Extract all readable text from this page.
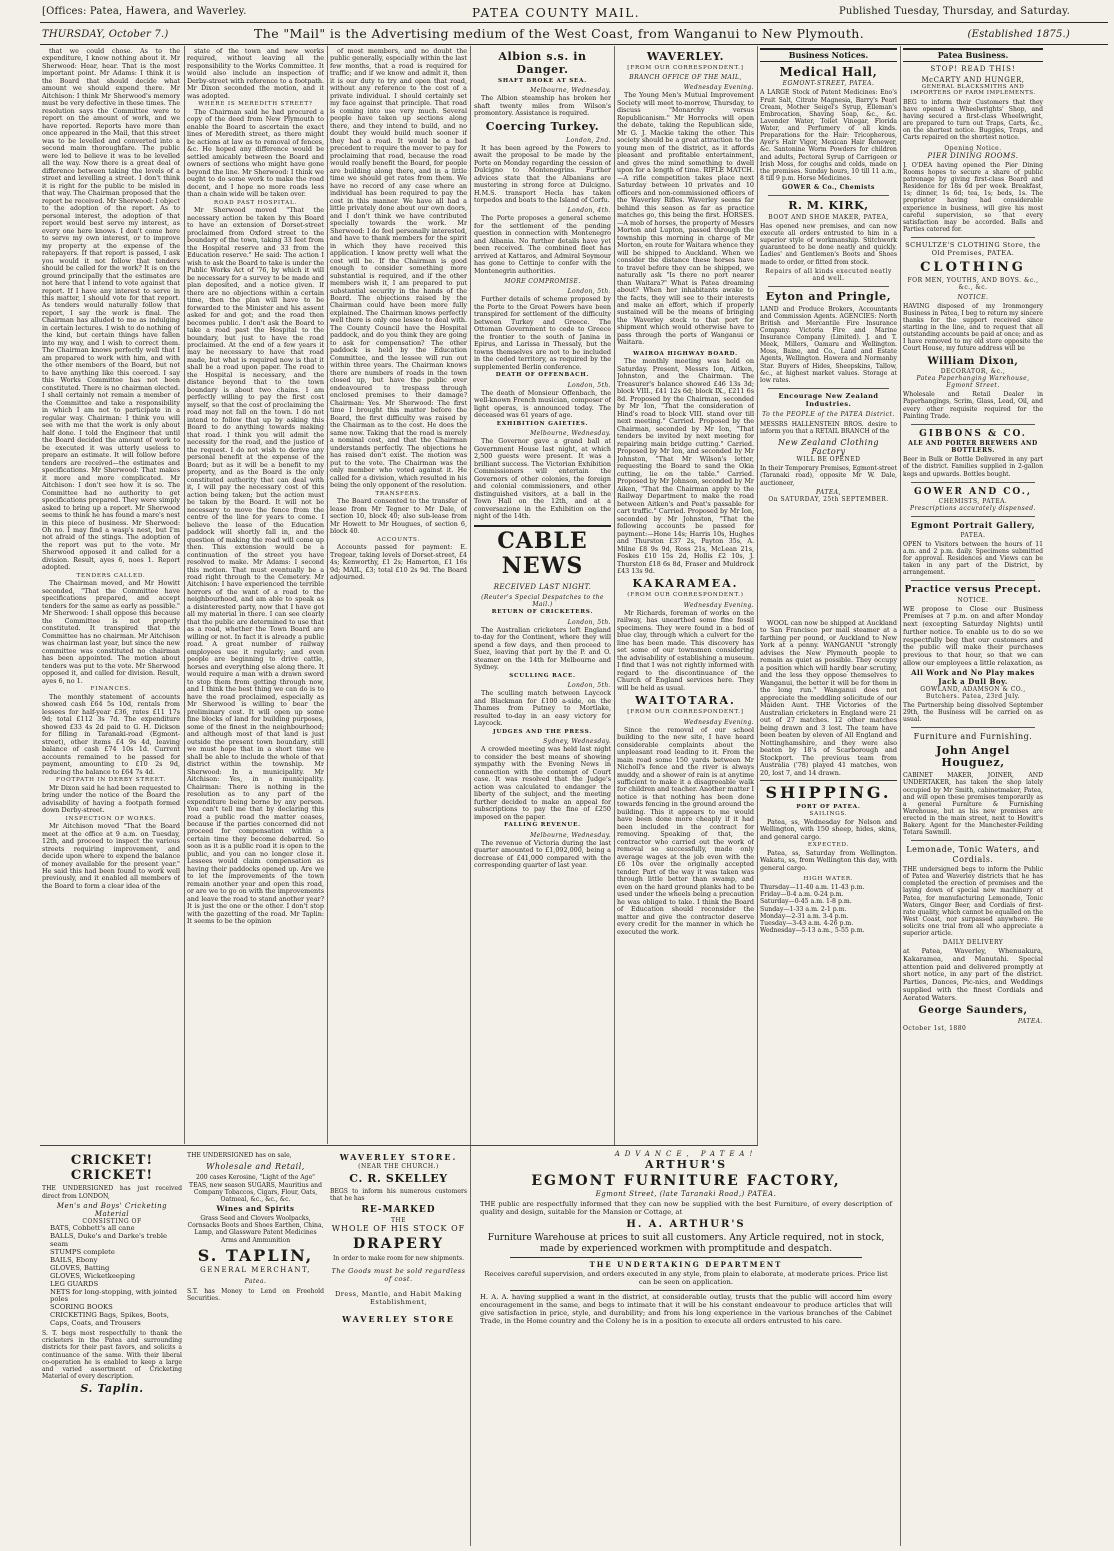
[Offices: Patea, Hawera, and Waverley.	PATEA COUNTY MAIL.	Published Tuesday, Thursday, and Saturday.
THURSDAY, October 7.)	The "Mail" is the Advertising medium of the West Coast, from Wanganui to New Plymouth.	(Established 1875.)

that we could chose. As to the expenditure, I know nothing about it. Mr Sherwood: Hear, hear. That is the most important point. Mr Adams: I think it is the Board that should decide what amount we should expend there. Mr Aitchison: I think Mr Sherwood's memory must be very defective in these times. The resolution says the Committee were to report on the amount of work, and we have reported. Reports have more than once appeared in the Mail, that this street was to be levelled and converted into a second main thoroughfare. The public were led to believe it was to be levelled all the way. Now there is a great deal of difference between taking the levels of a street and levelling a street. I don't think it is right for the public to be misled in that way. The Chairman proposed that the report be received. Mr Sherwood: I object to the adoption of the report. As to personal interest, the adoption of that report would best serve my interest, as every one here knows. I don't come here to serve my own interest, or to improve my property at the expense of the ratepayers. If that report is passed, I ask you would it not follow that tenders should be called for the work? It is on the ground principally that the estimates are not here that I intend to vote against that report. If I have any interest to serve in this matter, I should vote for that report. As tenders would naturally follow that report, I say the work is final. The Chairman has alluded to me as indulging in certain lectures. I wish to do nothing of the kind, but certain things have fallen into my way, and I wish to correct them. The Chairman knows perfectly well that I am prepared to work with him, and with the other members of the Board, but not to have anything like this coerced. I say this Works Committee has not been constituted. There is no chairman elected. I shall certainly not remain a member of the Committee and take a responsibility in which I am not to participate in a regular way. Chairman: I think you will see with me that the work is only about half done. I told the Engineer that until the Board decided the amount of work to be executed it was utterly useless to prepare an estimate. It will follow before tenders are received—the estimates and specifications. Mr Sherwood: That makes it more and more complicated. Mr Aitchison: I don't see how it is so. The Committee had no authority to get specifications prepared. They were simply asked to bring up a report. Mr Sherwood seems to think he has found a mare's nest in this piece of business. Mr Sherwood: Oh no. I may find a wasp's nest, but I'm not afraid of the stings. The adoption of the report was put to the vote. Mr Sherwood opposed it and called for a division. Result, ayes 6, noes 1. Report adopted.

TENDERS CALLED.

The Chairman moved, and Mr Howitt seconded, "That the Committee have specifications prepared, and accept tenders for the same as early as possible." Mr Sherwood: I shall oppose this because the Committee is not properly constituted. It transpired that the Committee has no chairman. Mr Aitchison was chairman last year, but since the new committee was constituted no chairman has been appointed. The motion about tenders was put to the vote. Mr Sherwood opposed it, and called for division. Result, ayes 6, no 1.

FINANCES.

The monthly statement of accounts showed cash £64 5s 10d, rentals from lessees for half-year £36, rates £11 17s 9d; total £112 3s 7d. The expenditure showed £33 4s 2d paid to G. H. Dickson for filling in Taranaki-road (Egmont-street), other items £4 9s 4d, leaving balance of cash £74 10s 1d. Current accounts remained to be passed for payment, amounting to £10 2s 9d, reducing the balance to £64 7s 4d.

FOOTPATH IN DERBY STREET.

Mr Dixon said he had been requested to bring under the notice of the Board the advisability of having a footpath formed down Derby-street.

INSPECTION OF WORKS.

Mr Aitchison moved "That the Board meet at the office at 9 a.m. on Tuesday, 12th, and proceed to inspect the various streets requiring improvement, and decide upon where to expend the balance of money available for the present year." He said this had been found to work well previously, and it enabled all members of the Board to form a clear idea of the

state of the town and new works required, without leaving all the responsibility to the Works Committee. It would also include an inspection of Derby-street with reference to a footpath. Mr Dixon seconded the motion, and it was adopted.

WHERE IS MEREDITH STREET?

The Chairman said he had procured a copy of the deed from New Plymouth to enable the Board to ascertain the exact lines of Meredith street, as there might be actions at law as to removal of fences, &c. He hoped any difference would be settled amicably between the Board and owners of sections who might have gone beyond the line. Mr Sherwood: I think we ought to do some work to make the road decent, and I hope no more roads less than a chain wide will be taken over.

ROAD PAST HOSPITAL.

Mr Sherwood moved "That the necessary action be taken by this Board to have an extension of Dorset-street proclaimed from Oxford street to the boundary of the town, taking 33 feet from the Hospital reserve and 33 from the Education reserve." He said: The action I wish to ask the Board to take is under the Public Works Act of '76, by which it will be necessary for a survey to be made and plan deposited, and a notice given. If there are no objections within a certain time, then the plan will have to be forwarded to the Minister and his assent asked for and got; and the road then becomes public. I don't ask the Board to take a road past the Hospital to the boundary, but just to have the road proclaimed. At the end of a few years it may be necessary to have that road made, but what is required now is that it shall be a road upon paper. The road to the Hospital is necessary, and the distance beyond that to the town boundary is about two chains. I am perfectly willing to pay the first cost myself, so that the cost of proclaiming the road may not fall on the town. I do not intend to follow that up by asking this Board to do anything towards making that road. I think you will admit the necessity for the road, and the justice of the request. I do not wish to derive any personal benefit at the expense of the Board; but as it will be a benefit to my property, and as the Board is the only constituted authority that can deal with it, I will pay the necessary cost of this action being taken; but the action must be taken by the Board. It will not be necessary to move the fence from the centre of the line for years to come. I believe the lease of the Education paddock will shortly fall in, and the question of making the road will come up then. This extension would be a continuation of the street you have resolved to make. Mr Adams: I second this motion. That must eventually be a road right through to the Cemetery. Mr Aitchison: I have experienced the terrible horrors of the want of a road to the neighbourhood, and am able to speak as a disinterested party, now that I have got all my material in there. I can see clearly that the public are determined to use that as a road, whether the Town Board are willing or not. In fact it is already a public road. A great number of railway employees use it regularly; and even people are beginning to drive cattle, horses and everything else along there. It would require a man with a drawn sword to stop them from getting through now, and I think the best thing we can do is to have the road proclaimed, especially as Mr Sherwood is willing to bear the preliminary cost. It will open up some fine blocks of land for building purposes, some of the finest in the neighbourhood; and although most of that land is just outside the present town boundary, still we must hope that in a short time we shall be able to include the whole of that district within the township. Mr Sherwood: In a municipality. Mr Aitchison: Yes, in a municipality. Chairman: There is nothing in the resolution as to any part of the expenditure being borne by any person. You can't tell me that by declaring this road a public road the matter ceases, because if the parties concerned did not proceed for compensation within a certain time they become debarred. So soon as it is a public road it is open to the public, and you can no longer close it. Lessees would claim compensation as having their paddocks opened up. Are we to let the improvements of the town remain another year and open this road, or are we to go on with the improvements and leave the road to stand another year? It is just the one or the other. I don't stop with the gazetting of the road. Mr Taplin: It seems to be the opinion

of most members, and no doubt the public generally, especially within the last few months, that a road is required for traffic; and if we know and admit it, then it is our duty to try and open that road, without any reference to the cost of a private individual. I should certainly set my face against that principle. That road is coming into use very much. Several people have taken up sections along there, and they intend to build, and no doubt they would build much sooner if they had a road. It would be a bad precedent to require the mover to pay for proclaiming that road, because the road would really benefit the Board, for people are building along there, and in a little time we should get rates from them. We have no record of any case where an individual has been required to pay the cost in this manner. We have all had a little privately done about our own doors, and I don't think we have contributed specially towards the work. Mr Sherwood: I do feel personally interested, and have to thank members for the spirit in which they have received this application. I know pretty well what the cost will be. If the Chairman is good enough to consider something more substantial is required, and if the other members wish it, I am prepared to put substantial security in the hands of the Board. The objections raised by the Chairman could have been more fully explained. The Chairman knows perfectly well there is only one lessee to deal with. The County Council have the Hospital paddock, and do you think they are going to ask for compensation? The other paddock is held by the Education Committee, and the lessee will run out within three years. The Chairman knows there are numbers of roads in the town closed up, but have the public ever endeavoured to trespass through enclosed premises to their damage? Chairman: Yes. Mr Sherwood: The first time I brought this matter before the Board, the first difficulty was raised by the Chairman as to the cost. He does the same now. Taking that the road is merely a nominal cost, and that the Chairman understands perfectly. The objections he has raised don't exist. The motion was put to the vote. The Chairman was the only member who voted against it. He called for a division, which resulted in his being the only opponent of the resolution.

TRANSFERS.

The Board consented to the transfer of lease from Mr Tegner to Mr Dale, of section 10, block 40; also sub-lease from Mr Howett to Mr Hougues, of section 6, block 40.

ACCOUNTS.

Accounts passed for payment: E. Tregear, taking levels of Dorset-street, £4 4s; Kenworthy, £1 2s; Hamerton, £1 16s 9d; MAIL, £3; total £10 2s 9d. The Board adjourned.

Albion s.s. in Danger.
SHAFT BROKE AT SEA.
Melbourne, Wednesday.

The Albion steamship has broken her shaft twenty miles from Wilson's promontory. Assistance is required.

Coercing Turkey.
London, 2nd.

It has been agreed by the Powers to await the proposal to be made by the Porte on Monday regarding the cession of Dulcigno to Montenegrins. Further advices state that the Albanians are mustering in strong force at Dulcigno. H.M.S. transport Hecla has taken torpedos and boats to the Island of Corfu.

London, 4th.

The Porte proposes a general scheme for the settlement of the pending question in connection with Montenegro and Albania. No further details have yet been received. The combined fleet has arrived at Kattaros, and Admiral Seymour has gone to Cettinje to confer with the Montenegrin authorities.

MORE COMPROMISE.
London, 5th.

Further details of scheme proposed by the Porte to the Great Powers have been transpired for settlement of the difficulty between Turkey and Greece. The Ottoman Government to cede to Greece the frontier to the south of Janina in Epirus, and Larissa in Thessaly, but the towns themselves are not to be included in the ceded territory, as required by the supplemented Berlin conference.

DEATH OF OFFENBACH.
London, 5th.

The death of Monsieur Offenbach, the well-known French musician, composer of light operas, is announced today. The deceased was 61 years of age.

EXHIBITION GAIETIES.
Melbourne, Wednesday.

The Governor gave a grand ball at Government House last night, at which 2,500 guests were present. It was a brilliant success. The Victorian Exhibition Commissioners will entertain the Governors of other colonies, the foreign and colonial commissioners, and other distinguished visitors, at a ball in the Town Hall on the 12th, and at a conversazione in the Exhibition on the night of the 14th.

CABLE NEWS
RECEIVED LAST NIGHT.
(Reuter's Special Despatches to the Mail.)
RETURN OF CRICKETERS.
London, 5th.

The Australian cricketers left England to-day for the Continent, where they will spend a few days, and then proceed to Suez, leaving that port by the P. and O. steamer on the 14th for Melbourne and Sydney.

SCULLING RACE.
London, 5th.

The sculling match between Laycock and Blackman for £100 a-side, on the Thames from Putney to Mortlake, resulted to-day in an easy victory for Laycock.

JUDGES AND THE PRESS.
Sydney, Wednesday.

A crowded meeting was held last night to consider the best means of showing sympathy with the Evening News in connection with the contempt of Court case. It was resolved that the Judge's action was calculated to endanger the liberty of the subject, and the meeting further decided to make an appeal for subscriptions to pay the fine of £250 imposed on the paper.

FALLING REVENUE.
Melbourne, Wednesday.

The revenue of Victoria during the last quarter amounted to £1,092,000, being a decrease of £41,000 compared with the corresponding quarter of last year.

WAVERLEY.
[FROM OUR CORRESPONDENT.]
BRANCH OFFICE OF THE MAIL,
Wednesday Evening.

The Young Men's Mutual Improvement Society will meet to-morrow, Thursday, to discuss "Monarchy versus Republicanism." Mr Horrocks will open the debate, taking the Republican side, Mr G. J. Mackie taking the other. This society should be a great attraction to the young men of the district, as it affords pleasant and profitable entertainment, and gives the mind something to dwell upon for a length of time. RIFLE MATCH.—A rifle competition takes place next Saturday between 10 privates and 10 officers and non-commissioned officers of the Waverley Rifles. Waverley seems far behind this season as far as practice matches go, this being the first. HORSES.—A mob of horses, the property of Messrs Morton and Lupton, passed through the township this morning in charge of Mr Morton, en route for Waitara whence they will be shipped to Auckland. When we consider the distance these horses have to travel before they can be shipped, we naturally ask "Is there no port nearer than Waitara?" What is Patea dreaming about? When her inhabitants awake to the facts, they will see to their interests and make an effort, which if properly sustained will be the means of bringing the Waverley stock to that port for shipment which would otherwise have to pass through the ports of Wanganui or Waitara.

WAIROA HIGHWAY BOARD.

The monthly meeting was held on Saturday. Present, Messrs Ion, Aitken, Johnston, and the Chairman. The Treasurer's balance showed £46 13s 3d; block VIII., £41 12s 6d; block IX., £211 6s 8d. Proposed by the Chairman, seconded by Mr Ion, "That the consideration of Hind's road to block VIII. stand over till next meeting." Carried. Proposed by the Chairman, seconded by Mr Ion, "That tenders be invited by next meeting for repairing main bridge cutting." Carried. Proposed by Mr Ion, and seconded by Mr Johnston, "That Mr Wilson's letter, requesting the Board to sand the Okia cutting, lie on the table." Carried. Proposed by Mr Johnson, seconded by Mr Aiken, "That the Chairman apply to the Railway Department to make the road between Aitken's and Peat's passable for cart traffic." Carried. Proposed by Mr Ion, seconded by Mr Johnston, "That the following accounts be passed for payment:—Hone 14s; Harris 10s, Hughes and Thurston £37 2s, Payton 35s, A. Milne £8 9s 9d, Ross 21s, McLean 21s, Foskes £10 15s 2d, Hollis £2 10s, J. Thurston £18 6s 8d, Fraser and Muldrock £43 13s 9d.

KAKARAMEA.
(FROM OUR CORRESPONDENT.)
Wednesday Evening.

Mr Richards, foreman of works on the railway, has unearthed some fine fossil specimens. They were found in a bed of blue clay, through which a culvert for the line has been made. This discovery has set some of our townsmen considering the advisability of establishing a museum. I find that I was not rightly informed with regard to the discontinuance of the Church of England services here. They will be held as usual.

WAITOTARA.
[FROM OUR CORRESPONDENT.]
Wednesday Evening.

Since the removal of our school building to the new site, I have heard considerable complaints about the unpleasant road leading to it. From the main road some 150 yards between Mr Nicholl's fence and the river is always muddy, and a shower of rain is at anytime sufficient to make it a disagreeable walk for children and teacher. Another matter I notice is that nothing has been done towards fencing in the ground around the building. This it appears to me would have been done more cheaply if it had been included in the contract for removing. Speaking of that, the contractor who carried out the work of removal so successfully, made only average wages at the job even with the £6 10s over the originally accepted tender. Part of the way it was taken was through little better than swamp, and even on the hard ground planks had to be used under the wheels being a precaution he was obliged to take. I think the Board of Education should reconsider the matter and give the contractor deserve every credit for the manner in which he executed the work.

WOOL can now be shipped at Auckland to San Francisco per mail steamer at a farthing per pound, or Auckland to New York at a penny. WANGANUI "strongly advises the New Plymouth people to remain as quiet as possible. They occupy a position which will hardly bear scrutiny, and the less they oppose themselves to Wanganui, the better it will be for them in the long run." Wanganui does not appreciate the meddling solicitude of our Maiden Aunt. THE Victories of the Australian cricketers in England were 21 out of 27 matches. 12 other matches being drawn and 3 lost. The team have been beaten by eleven of All England and Nottinghamshire, and they were also beaten by 18's of Scarborough and Stockport. The previous team from Australia ('78) played 41 matches, won 20, lost 7, and 14 drawn.

SHIPPING.
PORT OF PATEA.
SAILINGS.

Patea, ss, Wednesday for Nelson and Wellington, with 150 sheep, hides, skins, and general cargo.

EXPECTED.

Patea, ss, Saturday from Wellington. Wakatu, ss, from Wellington this day, with general cargo.

HIGH WATER.
Thursday—11-40 a.m. 11-43 p.m.
Friday—0-4 a.m. 0-24 p.m.
Saturday—0-45 a.m. 1-8 p.m.
Sunday—1-33 a.m. 2-1 p.m.
Monday—2-31 a.m. 3-4 p.m.
Tuesday—3-43 a.m. 4-26 p.m.
Wednesday—5-13 a.m., 5-55 p.m.
Business Notices.
Medical Hall,
EGMONT-STREET, PATEA.
A LARGE Stock of Patent Medicines: Eno's Fruit Salt, Citrate Magnesia, Barry's Pearl Cream, Mother Seigel's Syrup, Elleman's Embrocation, Shaving Soap, &c., &c. Lavender Water, Toilet Vinegar, Florida Water, and Perfumery of all kinds. Preparations for the Hair: Tricopherous, Ayer's Hair Vigor, Mexican Hair Renewer, &c. Santonine Worm Powders for children and adults, Pectoral Syrup of Carrigeen or Irish Moss, for coughs and colds, made on the premises. Sunday hours, 10 till 11 a.m., 8 till 9 p.m. Horse Medicines.
GOWER & Co., Chemists
R. M. KIRK,
BOOT AND SHOE MAKER, PATEA,
Has opened new premises, and can now execute all orders entrusted to him in a superior style of workmanship. Stitchwork guaranteed to be done neatly and quickly. Ladies' and Gentlemen's Boots and Shoes made to order, or fitted from stock.
Repairs of all kinds executed neatly and well.
Eyton and Pringle,
LAND and Produce Brokers, Accountants and Commission Agents. AGENCIES: North British and Mercantile Fire Insurance Company. Victoria Fire and Marine Insurance Company (Limited). J. and T. Meek, Millers, Oamaru and Wellington. Moss, Baine, and Co., Land and Estate Agents, Wellington. Hawera and Normanby Star. Buyers of Hides, Sheepskins, Tallow, &c., at highest market values. Storage at low rates.
Encourage New Zealand Industries.
To the PEOPLE of the PATEA District.
MESSRS HALLENSTEIN BROS. desire to inform you that a RETAIL BRANCH of the
New Zealand Clothing Factory
WILL BE OPENED
In their Temporary Premises, Egmont-street (Taranaki road), opposite Mr W. Dale, auctioneer,
PATEA,
On SATURDAY, 25th SEPTEMBER.
Patea Business.
STOP! READ THIS!
McCARTY AND HUNGER,
GENERAL BLACKSMITHS AND IMPORTERS OF FARM IMPLEMENTS.
BEG to inform their Customers that they have opened a Wheelwrights' Shop, and having secured a first-class Wheelwright, are prepared to turn out Traps, Carts, &c., on the shortest notice. Buggies, Traps, and Carts repaired on the shortest notice.
Opening Notice.
PIER DINING ROOMS.
J. O'DEA having opened the Pier Dining Rooms hopes to secure a share of public patronage by giving first-class Board and Residence for 18s 6d per week. Breakfast, 1s; dinner, 1s 6d; tea, 1s; beds, 1s. The proprietor having had considerable experience in business, will give his most careful supervision, so that every satisfaction may be accorded. Balls and Parties catered for.
SCHULTZE'S CLOTHING Store, the Old Premises, PATEA.
CLOTHING
FOR MEN, YOUTHS, AND BOYS. &c., &c., &c.
NOTICE.
HAVING disposed of my Ironmongery Business in Patea, I beg to return my sincere thanks for the support received since starting in the line, and to request that all outstanding accounts be paid at once; and as I have removed to my old store opposite the Court House, my future address will be
William Dixon,
DECORATOR, &c.,
Patea Paperhanging Warehouse,
Egmont Street.
Wholesale and Retail Dealer in Paperhangings, Scrim, Glass, Lead, Oil, and every other requisite required for the Painting Trade.
GIBBONS & CO.
ALE AND PORTER BREWERS AND BOTTLERS.
Beer in Bulk or Bottle Delivered in any part of the district. Families supplied in 2-gallon kegs and upwards. Bottles bought.
GOWER AND CO.,
CHEMISTS, PATEA.
Prescriptions accurately dispensed.
Egmont Portrait Gallery,
PATEA.
OPEN to Visitors between the hours of 11 a.m. and 2 p.m. daily. Specimens submitted for approval. Residences and Views can be taken in any part of the District, by arrangement.
Practice versus Precept.
NOTICE.
WE propose to Close our Business Premises at 7 p.m. on and after Monday next (excepting Saturday Nights) until further notice. To enable us to do so we respectfully beg that our customers and the public will make their purchases previous to that hour, so that we can allow our employees a little relaxation, as
All Work and No Play makes Jack a Dull Boy.
GOWLAND, ADAMSON & CO., Butchers. Patea, 23rd July.
The Partnership being dissolved September 29th, the Business will be carried on as usual.
Furniture and Furnishing.
John Angel Houguez,
CABINET MAKER, JOINER, AND UNDERTAKER, has taken the shop lately occupied by Mr Smith, cabinetmaker, Patea, and will open these premises temporarily as a general Furniture & Furnishing Warehouse, but as his new premises are erected in the main street, next to Howitt's Bakery. Agent for the Manchester-Feilding Totara Sawmill.
Lemonade, Tonic Waters, and Cordials.
THE undersigned begs to inform the Public of Patea and Waverley districts that he has completed the erection of premises and the laying down of special new machinery at Patea, for manufacturing Lemonade, Tonic Waters, Ginger Beer, and Cordials of first-rate quality, which cannot be equalled on the West Coast, nor surpassed anywhere. He solicits one trial from all who appreciate a superior article.
DAILY DELIVERY
at Patea, Waverley, Whenuakura, Kakaramea, and Manutahi. Special attention paid and delivered promptly at short notice, in any part of the district. Parties, Dances, Pic-nics, and Weddings supplied with the finest Cordials and Aerated Waters.
George Saunders,
PATEA.
October 1st, 1880
CRICKET! CRICKET!
THE UNDERSIGNED has just received direct from LONDON,
Men's and Boys' Cricketing Material
CONSISTING OF
BATS, Cobbett's all cane
BALLS, Duke's and Darke's treble seam
STUMPS complete
BAILS, Ebony
GLOVES, Batting
GLOVES, Wicketkeeping
LEG GUARDS
NETS for long-stopping, with jointed poles
SCORING BOOKS
CRICKETING Bags, Spikes, Boots, Caps, Coats, and Trousers
S. T. begs most respectfully to thank the cricketers in the Patea and surrounding districts for their past favors, and solicits a continuance of the same. With their liberal co-operation he is enabled to keep a large and varied assortment of Cricketing Material of every description.
S. Taplin.
THE UNDERSIGNED has on sale,
Wholesale and Retail,
200 cases Kerosine, "Light of the Age" TEAS, new season SUGARS, Mauritius and Company Tobaccos, Cigars, Flour, Oats, Oatmeal, &c., &c., &c.
Wines and Spirits
Grass Seed and Clovers Woolpacks, Cornsacks Boots and Shoes Earthen, China, Lamp, and Glassware Patent Medicines Arms and Ammunition
S. TAPLIN,
GENERAL MERCHANT,
Patea.
S.T. has Money to Lend on Freehold Securities.
WAVERLEY STORE.
(NEAR THE CHURCH.)
C. R. SKELLEY
BEGS to inform his numerous customers that he has
RE-MARKED
THE
WHOLE OF HIS STOCK OF
DRAPERY
In order to make room for new shipments.
The Goods must be sold regardless of cost.
Dress, Mantle, and Habit Making Establishment,
WAVERLEY STORE
ADVANCE, PATEA!
ARTHUR'S
EGMONT FURNITURE FACTORY,
Egmont Street, (late Taranaki Road,) PATEA.
THE public are respectfully informed that they can now be supplied with the best Furniture, of every description of quality and design, suitable for the Mansion or Cottage, at
H. A. ARTHUR'S
Furniture Warehouse at prices to suit all customers. Any Article required, not in stock, made by experienced workmen with promptitude and despatch.
THE UNDERTAKING DEPARTMENT
Receives careful supervision, and orders executed in any style, from plain to elaborate, at moderate prices. Price list can be seen on application.
H. A. A. having supplied a want in the district, at considerable outlay, trusts that the public will accord him every encouragement in the same, and begs to intimate that it will be his constant endeavour to produce articles that will give satisfaction in price, style, and durability; and from his long experience in the various branches of the Cabinet Trade, in the Home country and the Colony he is in a position to execute all orders entrusted to his care.
